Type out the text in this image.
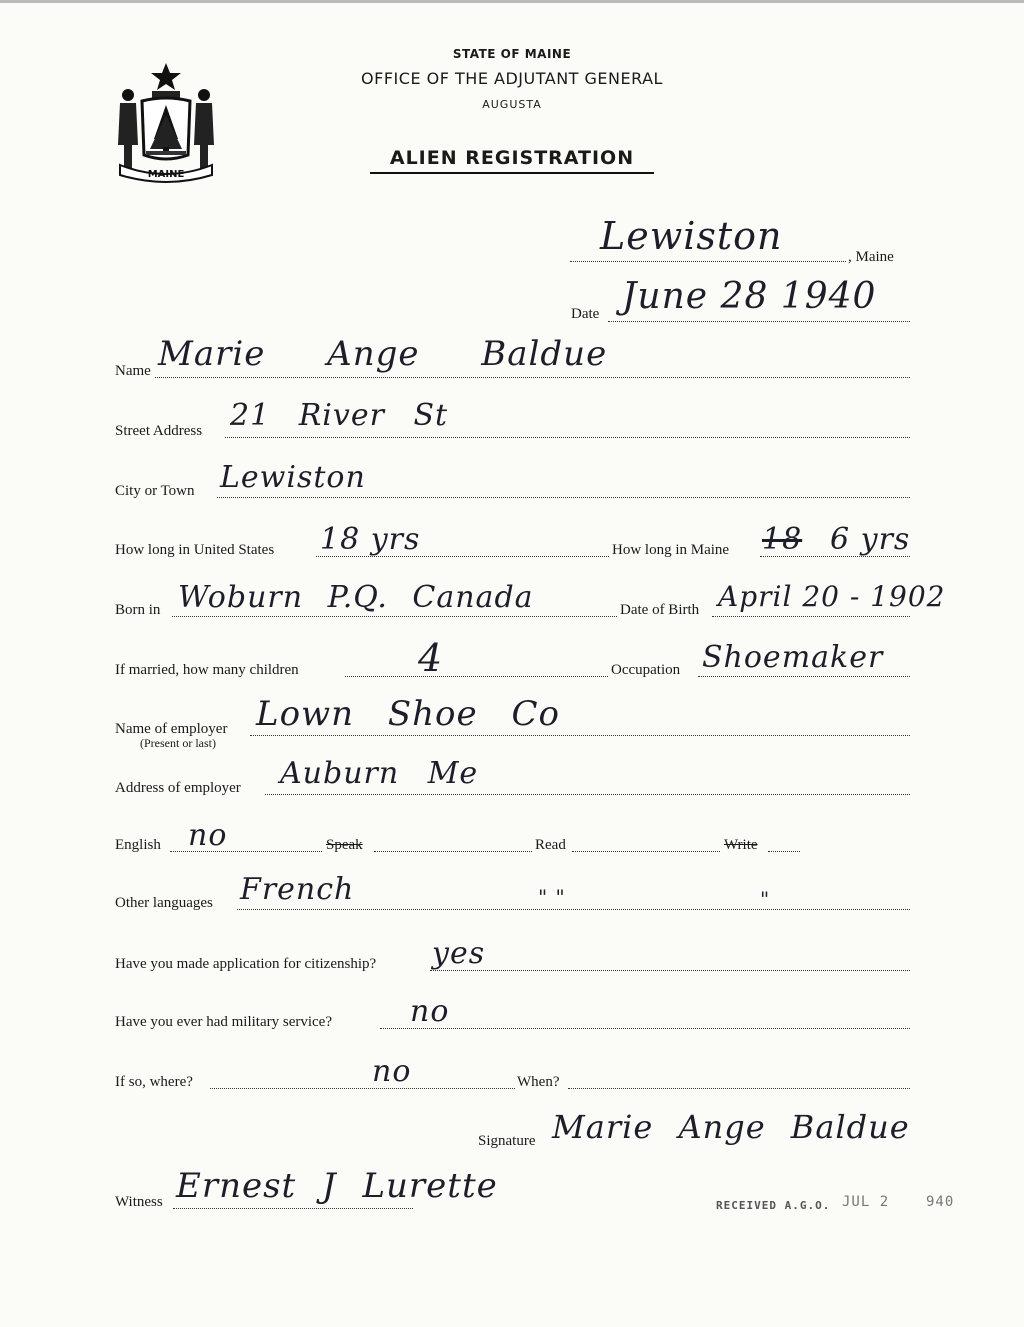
MAINE
STATE OF MAINE
OFFICE OF THE ADJUTANT GENERAL
AUGUSTA
ALIEN REGISTRATION
Lewiston	, Maine
Date June 28 1940
Name Marie Ange Baldue
Street Address 21 River St
City or Town Lewiston
How long in United States 18 yrs	How long in Maine 18 6 yrs
Born in Woburn P.Q. Canada	Date of Birth April 20 - 1902
If married, how many children	4	Occupation Shoemaker
Name of employer
(Present or last)
Lown Shoe Co
Address of employer Auburn Me
English no	Speak	Read	Write
Other languages French	" "	"
Have you made application for citizenship? yes
Have you ever had military service?	no
If so, where?	no	When?
Signature Marie Ange Baldue
Witness Ernest J Lurette	RECEIVED A.G.O. JUL 2	940
